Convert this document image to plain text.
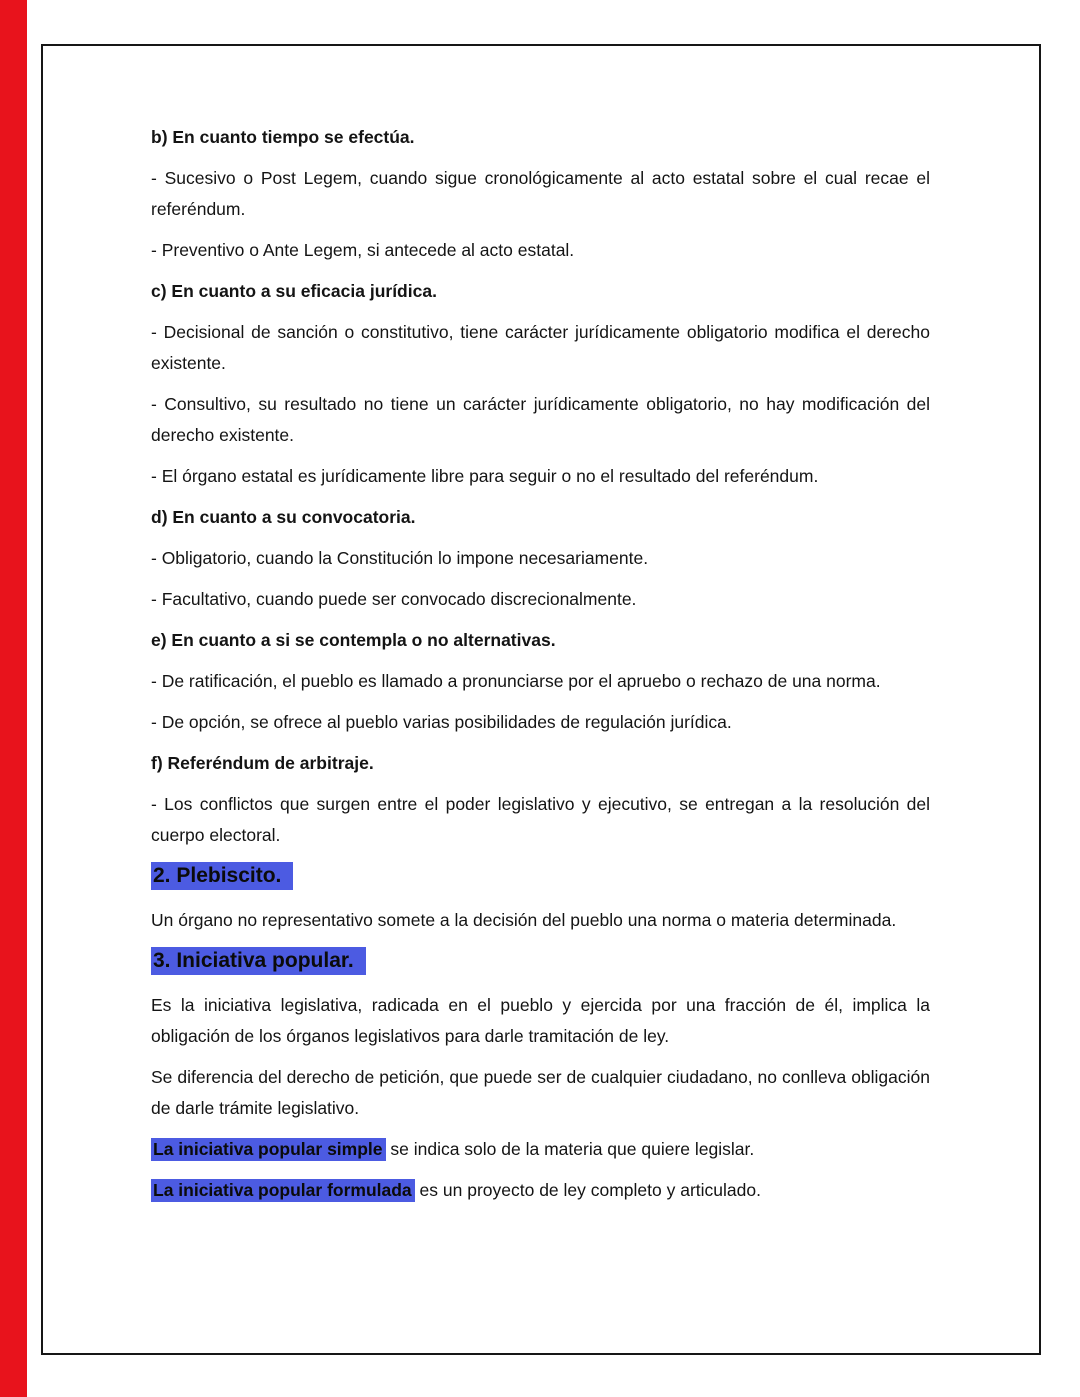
b) En cuanto tiempo se efectúa.

- Sucesivo o Post Legem, cuando sigue cronológicamente al acto estatal sobre el cual recae el referéndum.

- Preventivo o Ante Legem, si antecede al acto estatal.

c) En cuanto a su eficacia jurídica.

- Decisional de sanción o constitutivo, tiene carácter jurídicamente obligatorio modifica el derecho existente.

- Consultivo, su resultado no tiene un carácter jurídicamente obligatorio, no hay modificación del derecho existente.

- El órgano estatal es jurídicamente libre para seguir o no el resultado del referéndum.

d) En cuanto a su convocatoria.

- Obligatorio, cuando la Constitución lo impone necesariamente.

- Facultativo, cuando puede ser convocado discrecionalmente.

e) En cuanto a si se contempla o no alternativas.

- De ratificación, el pueblo es llamado a pronunciarse por el apruebo o rechazo de una norma.

- De opción, se ofrece al pueblo varias posibilidades de regulación jurídica.

f) Referéndum de arbitraje.

- Los conflictos que surgen entre el poder legislativo y ejecutivo, se entregan a la resolución del cuerpo electoral.

2. Plebiscito.

Un órgano no representativo somete a la decisión del pueblo una norma o materia determinada.

3. Iniciativa popular.

Es la iniciativa legislativa, radicada en el pueblo y ejercida por una fracción de él, implica la obligación de los órganos legislativos para darle tramitación de ley.

Se diferencia del derecho de petición, que puede ser de cualquier ciudadano, no conlleva obligación de darle trámite legislativo.

La iniciativa popular simple se indica solo de la materia que quiere legislar.

La iniciativa popular formulada es un proyecto de ley completo y articulado.
